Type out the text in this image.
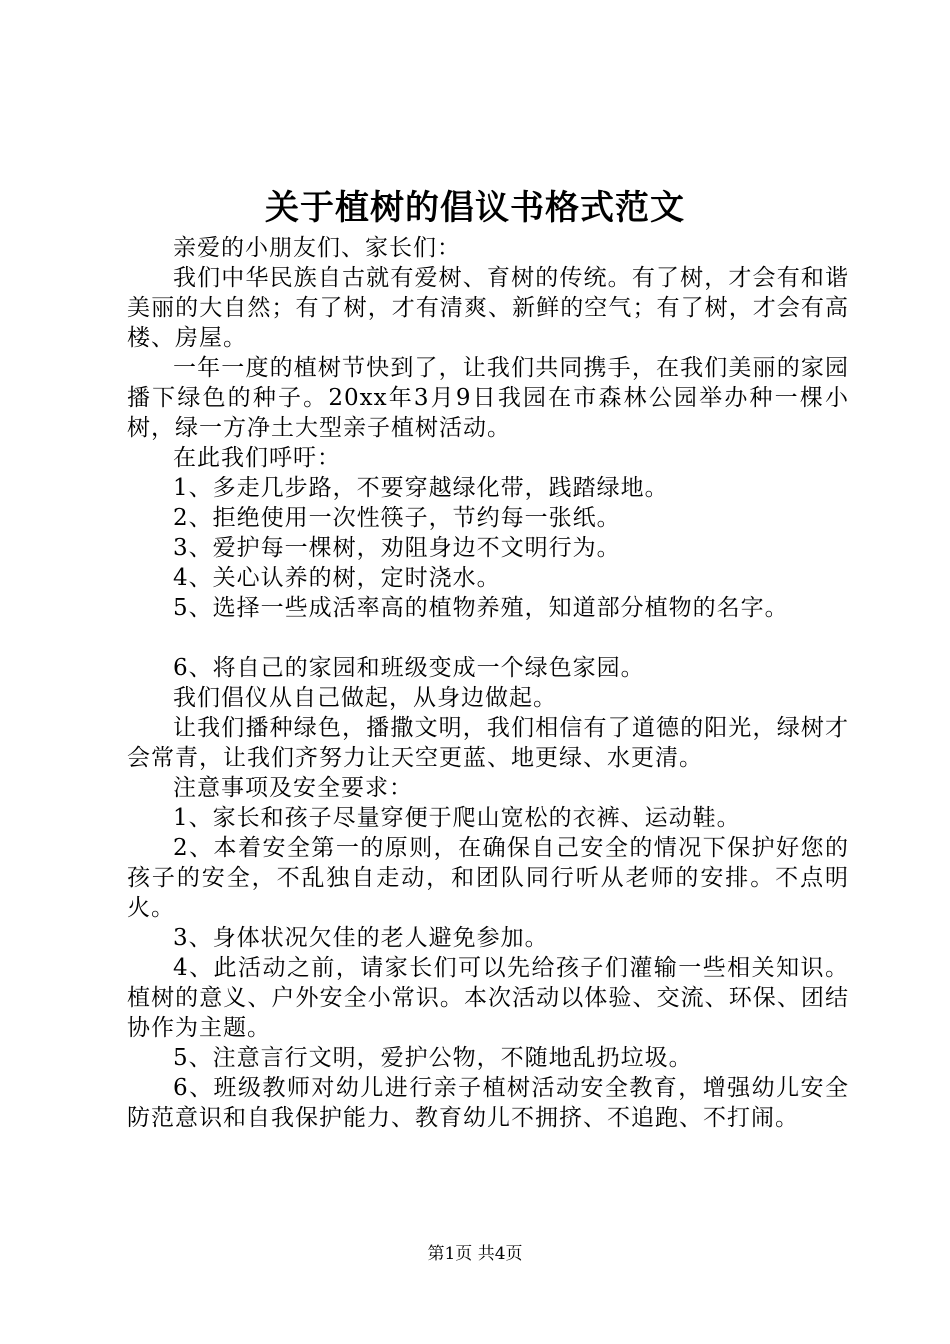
关于植树的倡议书格式范文

亲爱的小朋友们、家长们：

我们中华民族自古就有爱树、育树的传统。有了树，才会有和谐美丽的大自然；有了树，才有清爽、新鲜的空气；有了树，才会有高楼、房屋。

一年一度的植树节快到了，让我们共同携手，在我们美丽的家园播下绿色的种子。20xx年3月9日我园在市森林公园举办种一棵小树，绿一方净土大型亲子植树活动。

在此我们呼吁：

1、多走几步路，不要穿越绿化带，践踏绿地。

2、拒绝使用一次性筷子，节约每一张纸。

3、爱护每一棵树，劝阻身边不文明行为。

4、关心认养的树，定时浇水。

5、选择一些成活率高的植物养殖，知道部分植物的名字。

6、将自己的家园和班级变成一个绿色家园。

我们倡仪从自己做起，从身边做起。

让我们播种绿色，播撒文明，我们相信有了道德的阳光，绿树才会常青，让我们齐努力让天空更蓝、地更绿、水更清。

注意事项及安全要求：

1、家长和孩子尽量穿便于爬山宽松的衣裤、运动鞋。

2、本着安全第一的原则，在确保自己安全的情况下保护好您的孩子的安全，不乱独自走动，和团队同行听从老师的安排。不点明火。

3、身体状况欠佳的老人避免参加。

4、此活动之前，请家长们可以先给孩子们灌输一些相关知识。植树的意义、户外安全小常识。本次活动以体验、交流、环保、团结协作为主题。

5、注意言行文明，爱护公物，不随地乱扔垃圾。

6、班级教师对幼儿进行亲子植树活动安全教育，增强幼儿安全防范意识和自我保护能力、教育幼儿不拥挤、不追跑、不打闹。

第1页 共4页
